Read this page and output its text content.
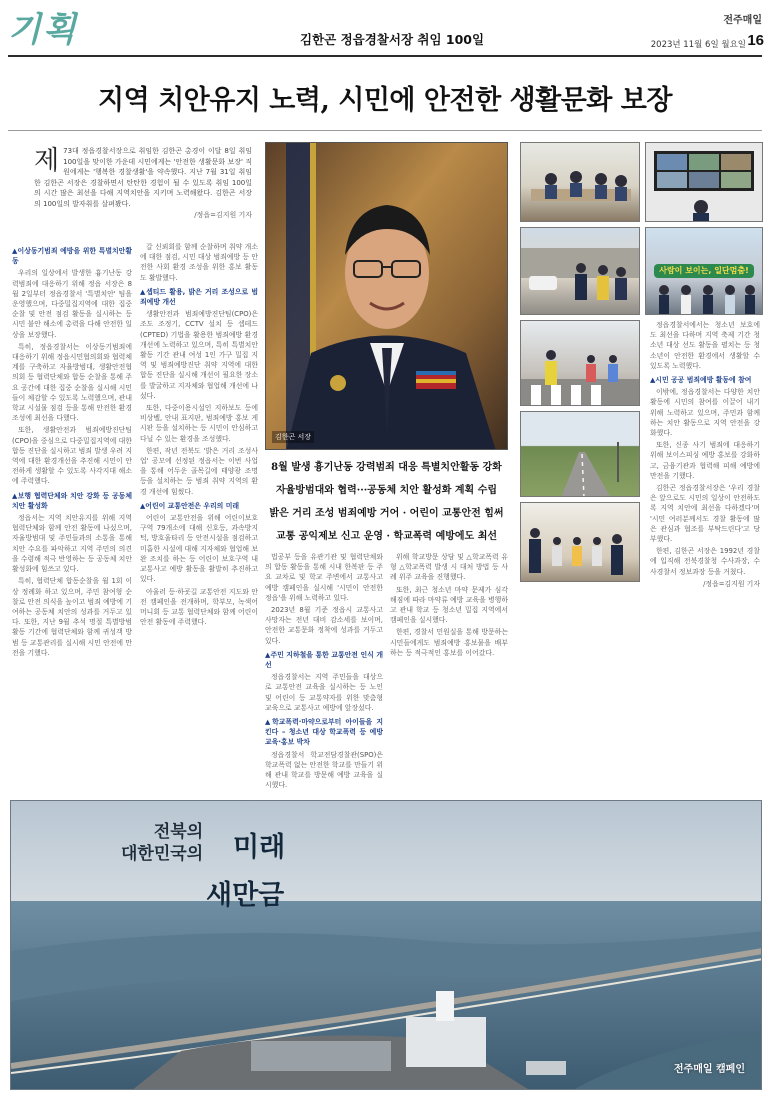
기획	김한곤 정읍경찰서장 취임 100일
전주매일
2023년 11월 6일 월요일 16
지역 치안유지 노력, 시민에 안전한 생활문화 보장
제 73대 정읍경찰서장으로 취임한 김한곤 총경이 이달 8일 취임 100일을 맞이한 가운데 시민에게는 '안전한 생활문화 보장' 직원에게는 '행복한 경찰생활'을 약속했다. 지난 7월 31일 취임한 김한곤 서장은 경찰하면서 탄탄한 경험이 될 수 있도록 취임 100일의 시간 많은 최선을 다해 지역치안을 지키며 노력해왔다. 김한곤 서장의 100일의 발자취를 살펴봤다.
/정읍=김지원 기자

▲이상동기범죄 예방을 위한 특별치안활동

우리의 일상에서 발생한 흉기난동 강력범죄에 대응하기 위해 정읍 서장은 8월 2일부터 정읍경찰서 '특별치안' 팀을 운영했으며, 다중밀집지역에 대한 집중 순찰 및 안전 점검 활동을 실시하는 등 시민 불안 해소에 총력을 다해 안전한 일상을 보장했다.

특히, 정읍경찰서는 이상동기범죄에 대응하기 위해 정읍시민협의회와 협력체계를 구축하고 자율방범대, 생활안전협의회 등 협력단체와 합동 순찰을 통해 주요 공간에 대한 집중 순찰을 실시해 시민들이 체감할 수 있도록 노력했으며, 관내 학교 시설물 점검 등을 통해 안전한 환경 조성에 최선을 다했다.

또한, 생활안전과 범죄예방진단팀(CPO)을 중심으로 다중밀집지역에 대한 합동 진단을 실시하고 범죄 발생 우려 지역에 대한 환경개선을 추진해 시민이 안전하게 생활할 수 있도록 사각지대 해소에 주력했다.

▲보행 협력단체와 치안 강화 등 공동체 치안 활성화

정읍서는 지역 치안유지를 위해 지역 협력단체와 함께 안전 활동에 나섰으며, 자율방범대 및 주민들과의 소통을 통해 치안 수요를 파악하고 지역 주민의 의견을 수렴해 적극 반영하는 등 공동체 치안 활성화에 힘쓰고 있다.

특히, 협력단체 합동순찰을 월 1회 이상 정례화 하고 있으며, 주민 참여형 순찰로 안전 의식을 높이고 범죄 예방에 기여하는 공동체 치안의 성과를 거두고 있다. 또한, 지난 9월 추석 명절 특별방범 활동 기간에 협력단체와 함께 귀성객 방범 등 교통관리를 실시해 시민 안전에 만전을 기했다.

갈 신뢰회를 함께 순찰하며 취약 개소에 대한 점검, 시민 대상 범죄예방 등 안전한 사회 환경 조성을 위한 홍보 활동도 활발했다.

▲셉티드 활용, 밝은 거리 조성으로 범죄예방 개선

생활안전과 범죄예방진단팀(CPO)은 조도 조정기, CCTV 설치 등 셉테드(CPTED) 기법을 활용한 범죄예방 환경 개선에 노력하고 있으며, 특히 특별치안활동 기간 관내 여성 1인 가구 밀집 지역 및 범죄예방진단 취약 지역에 대한 합동 진단을 실시해 개선이 필요한 장소를 발굴하고 지자체와 협업해 개선에 나섰다.

또한, 다중이용시설인 지하보도 등에 비상벨, 안내 표지판, 범죄예방 홍보 게시판 등을 설치하는 등 시민이 안심하고 다닐 수 있는 환경을 조성했다.

한편, 작년 전북도 '밝은 거리 조성사업' 공모에 선정된 정읍서는 이번 사업을 통해 어두운 골목길에 태양광 조명 등을 설치하는 등 범죄 취약 지역의 환경 개선에 힘썼다.

▲어린이 교통안전은 우리의 미래

어린이 교통안전을 위해 어린이보호구역 79개소에 대해 신호등, 과속방지턱, 방호울타리 등 안전시설을 점검하고 미흡한 시설에 대해 지자체와 협업해 보완 조치를 하는 등 어린이 보호구역 내 교통사고 예방 활동을 활발히 추진하고 있다.

아울러 등·하굣길 교통안전 지도와 안전 캠페인을 전개하며, 학부모, 녹색어머니회 등 교통 협력단체와 함께 어린이 안전 활동에 주력했다.

법공부 등을 유관기관 및 협력단체와의 합동 활동을 통해 시내 한복판 등 주요 교차로 및 학교 주변에서 교통사고 예방 캠페인을 실시해 '시민이 안전한 정읍'을 위해 노력하고 있다.

2023년 8월 기준 정읍시 교통사고 사망자는 전년 대비 감소세를 보이며, 안전한 교통문화 정착에 성과를 거두고 있다.

▲주민 지하철을 통한 교통안전 인식 개선

정읍경찰서는 지역 주민들을 대상으로 교통안전 교육을 실시하는 등 노인 및 어린이 등 교통약자를 위한 맞춤형 교육으로 교통사고 예방에 앞장섰다.

▲학교폭력·마약으로부터 아이들을 지킨다 – 청소년 대상 학교폭력 등 예방 교육·홍보 박차

정읍경찰서 학교전담경찰관(SPO)은 학교폭력 없는 안전한 학교를 만들기 위해 관내 학교를 방문해 예방 교육을 실시했다.

위해 학교방문 상담 및 △학교폭력 유형 △학교폭력 발생 시 대처 방법 등 사례 위주 교육을 진행했다.

또한, 최근 청소년 마약 문제가 심각해짐에 따라 마약류 예방 교육을 병행하고 관내 학교 등 청소년 밀집 지역에서 캠페인을 실시했다.

한편, 경찰서 민원실을 통해 방문하는 시민들에게도 범죄예방 홍보물을 배부하는 등 적극적인 홍보를 이어갔다.

정읍경찰서에서는 청소년 보호에도 최선을 다하며 지역 축제 기간 청소년 대상 선도 활동을 펼치는 등 청소년이 안전한 환경에서 생활할 수 있도록 노력했다.

▲시민 공공 범죄예방 활동에 참여

이밖에, 정읍경찰서는 다양한 치안 활동에 시민의 참여를 이끌어 내기 위해 노력하고 있으며, 주민과 함께하는 치안 활동으로 지역 안전을 강화했다.

또한, 신종 사기 범죄에 대응하기 위해 보이스피싱 예방 홍보를 강화하고, 금융기관과 협력해 피해 예방에 만전을 기했다.

김한곤 정읍경찰서장은 '우리 경찰은 앞으로도 시민의 일상이 안전하도록 지역 치안에 최선을 다하겠다'며 '시민 여러분께서도 경찰 활동에 많은 관심과 협조를 부탁드린다'고 당부했다.

한편, 김한곤 서장은 1992년 경찰에 입직해 전북경찰청 수사과장, 수사경찰서 정보과장 등을 거쳤다.

/정읍=김지원 기자

김한곤 서장
8월 발생 흉기난동 강력범죄 대응 특별치안활동 강화
자율방범대와 협력···공동체 치안 활성화 계획 수립
밝은 거리 조성 범죄예방 거어 · 어린이 교통안전 힘써
교통 공익제보 신고 운영 · 학교폭력 예방에도 최선
사람이 보이는, 일단멈춤!
전북의
대한민국의 미래
새만금
전주매일 캠페인
